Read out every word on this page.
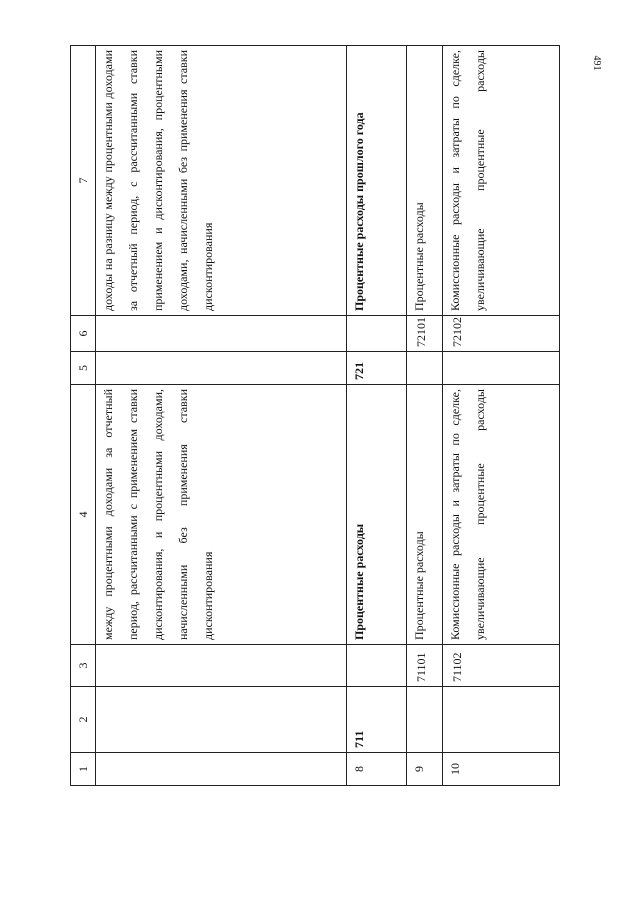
491
1	2	3	4	5	6	7
			между процентными доходами за отчетный период, рассчитанными с применением ставки дисконтирования, и процентными доходами, начисленными без применения ставки дисконтирования			доходы на разницу между процентными доходами за отчетный период, с рассчитанными ставки применением и дисконтирования, процентными доходами, начисленными без применения ставки дисконтирования
8	711		Процентные расходы	721		Процентные расходы прошлого года
9		71101	Процентные расходы		72101	Процентные расходы
10		71102	Комиссионные расходы и затраты по сделке, увеличивающие процентные расходы		72102	Комиссионные расходы и затраты по сделке, увеличивающие процентные расходы
